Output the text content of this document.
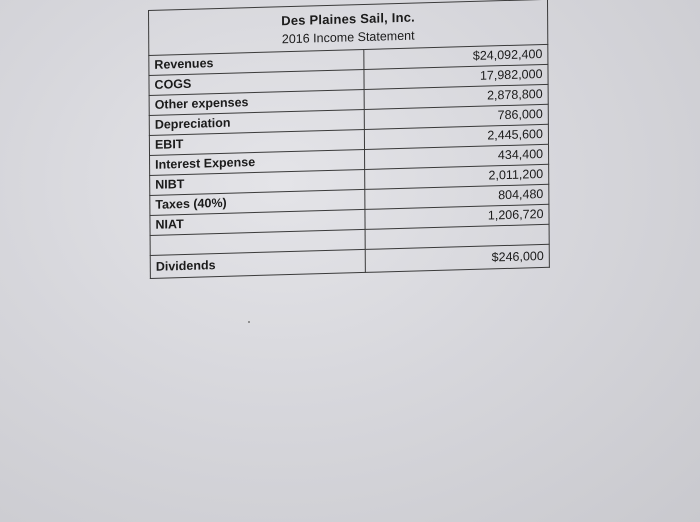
Des Plaines Sail, Inc.
2016 Income Statement
Revenues	$24,092,400
COGS	17,982,000
Other expenses	2,878,800
Depreciation	786,000
EBIT	2,445,600
Interest Expense	434,400
NIBT	2,011,200
Taxes (40%)	804,480
NIAT	1,206,720

Dividends	$246,000
